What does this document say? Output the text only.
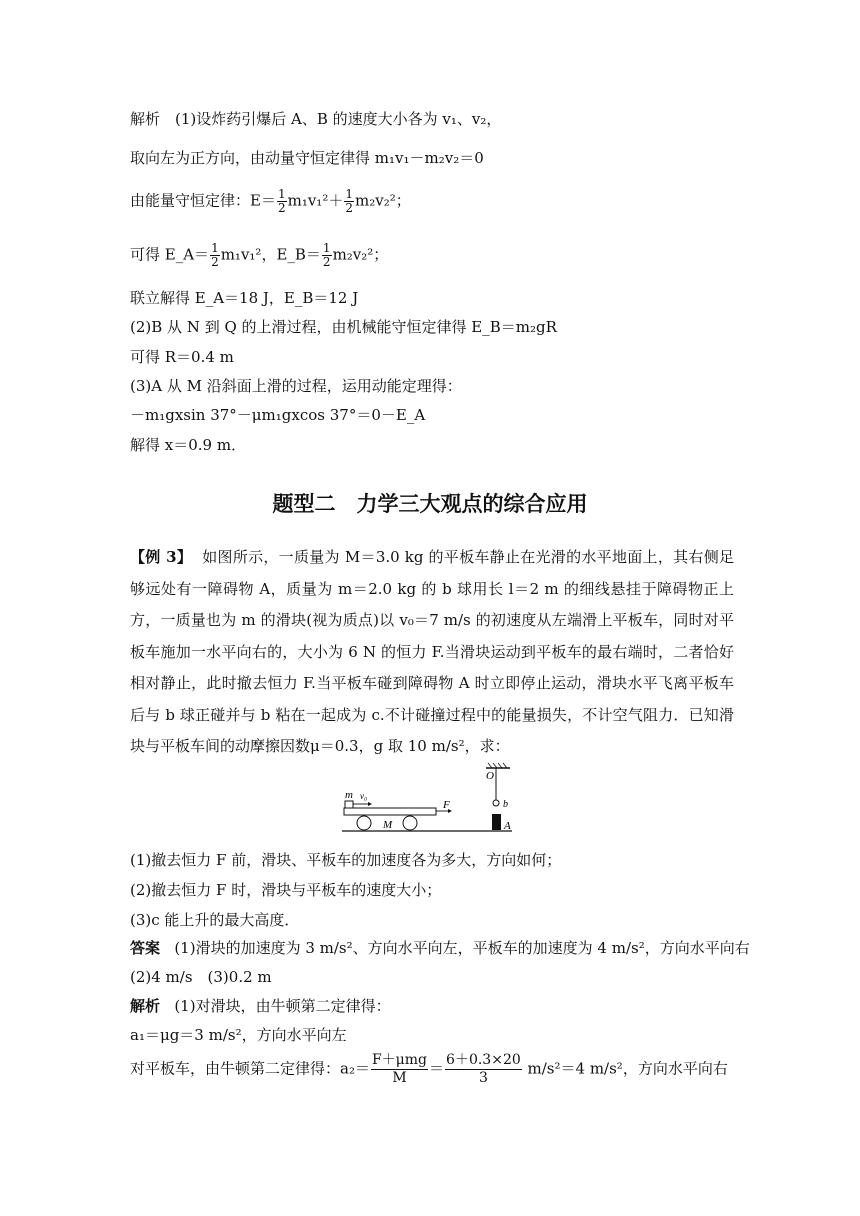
解析　(1)设炸药引爆后 A、B 的速度大小各为 v₁、v₂，
取向左为正方向，由动量守恒定律得 m₁v₁－m₂v₂＝0
由能量守恒定律：$E= \frac{1}{2} m_1v_1^2+ \frac{1}{2} m_2v_2^2$；
可得 E_A＝ $\frac{1}{2} m_1v_1^2$，E_B＝ $\frac{1}{2} m_2v_2^2$；
联立解得 E_A＝18 J，E_B＝12 J
(2)B 从 N 到 Q 的上滑过程，由机械能守恒定律得 E_B＝m₂gR
可得 R＝0.4 m
(3)A 从 M 沿斜面上滑的过程，运用动能定理得：
－m₁gxsin 37°－μm₁gxcos 37°＝0－E_A
解得 x＝0.9 m．
题型二　力学三大观点的综合应用
【例 3】 如图所示，一质量为 M＝3.0 kg 的平板车静止在光滑的水平地面上，其右侧足够远处有一障碍物 A，质量为 m＝2.0 kg 的 b 球用长 l＝2 m 的细线悬挂于障碍物正上方，一质量也为 m 的滑块(视为质点)以 v₀＝7 m/s 的初速度从左端滑上平板车，同时对平板车施加一水平向右的，大小为 6 N 的恒力 F.当滑块运动到平板车的最右端时，二者恰好相对静止，此时撤去恒力 F.当平板车碰到障碍物 A 时立即停止运动，滑块水平飞离平板车后与 b 球正碰并与 b 粘在一起成为 c.不计碰撞过程中的能量损失，不计空气阻力．已知滑块与平板车间的动摩擦因数μ＝0.3，g 取 10 m/s²，求：
O
b
A
m v₀
F
M
(1)撤去恒力 F 前，滑块、平板车的加速度各为多大，方向如何；
(2)撤去恒力 F 时，滑块与平板车的速度大小；
(3)c 能上升的最大高度．
答案 (1)滑块的加速度为 3 m/s²、方向水平向左，平板车的加速度为 4 m/s²，方向水平向右
(2)4 m/s　(3)0.2 m
解析 (1)对滑块，由牛顿第二定律得：
a₁＝μg＝3 m/s²，方向水平向左
对平板车，由牛顿第二定律得：$a_2= \frac{\text{F＋μmg}}{M} = \frac{6+0.3\times 20}{3} m/s^2=4$ m/s²，方向水平向右
